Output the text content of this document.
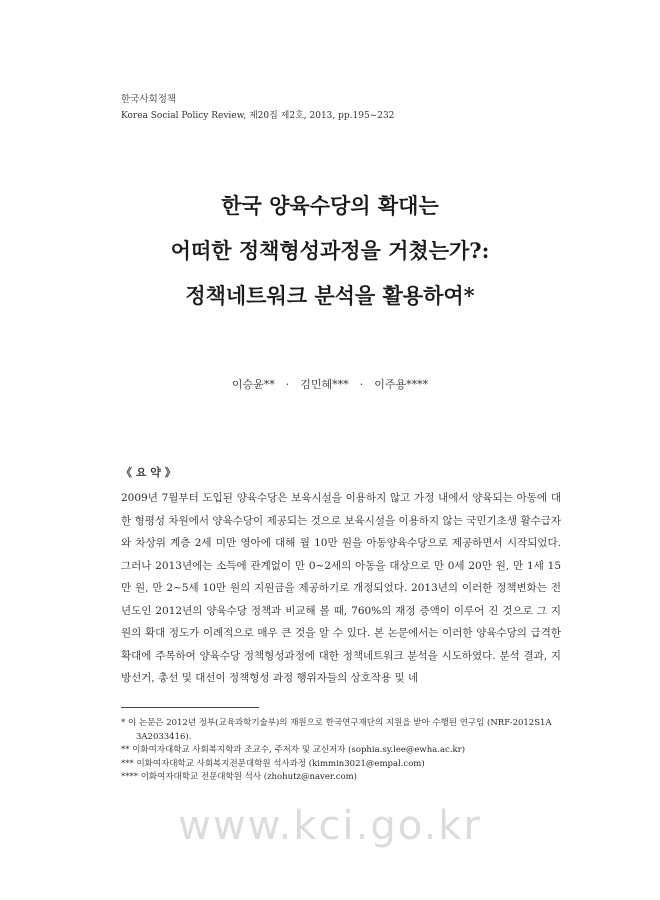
한국사회정책
Korea Social Policy Review, 제20집 제2호, 2013, pp.195~232
한국 양육수당의 확대는
어떠한 정책형성과정을 거쳤는가?:
정책네트워크 분석을 활용하여*
이승윤** · 김민혜*** · 이주용****
《 요 약 》

2009년 7월부터 도입된 양육수당은 보육시설을 이용하지 않고 가정 내에서 양육되는 아동에 대한 형평성 차원에서 양육수당이 제공되는 것으로 보육시설을 이용하지 않는 국민기초생 활수급자와 차상위 계층 2세 미만 영아에 대해 월 10만 원을 아동양육수당으로 제공하면서 시작되었다. 그러나 2013년에는 소득에 관계없이 만 0~2세의 아동을 대상으로 만 0세 20만 원, 만 1세 15만 원, 만 2~5세 10만 원의 지원금을 제공하기로 개정되었다. 2013년의 이러한 정책변화는 전년도인 2012년의 양육수당 정책과 비교해 볼 때, 760%의 재정 증액이 이루어 진 것으로 그 지원의 확대 정도가 이례적으로 매우 큰 것을 알 수 있다. 본 논문에서는 이러한 양육수당의 급격한 확대에 주목하여 양육수당 정책형성과정에 대한 정책네트워크 분석을 시도하였다. 분석 결과, 지방선거, 총선 및 대선이 정책형성 과정 행위자들의 상호작용 및 네

* 이 논문은 2012년 정부(교육과학기술부)의 재원으로 한국연구재단의 지원을 받아 수행된 연구임 (NRF-2012S1A
3A2033416).
** 이화여자대학교 사회복지학과 조교수, 주저자 및 교신저자 (sophia.sy.lee@ewha.ac.kr)
*** 이화여자대학교 사회복지전문대학원 석사과정 (kimmin3021@empal.com)
**** 이화여자대학교 전문대학원 석사 (zhohutz@naver.com)
www.kci.go.kr
